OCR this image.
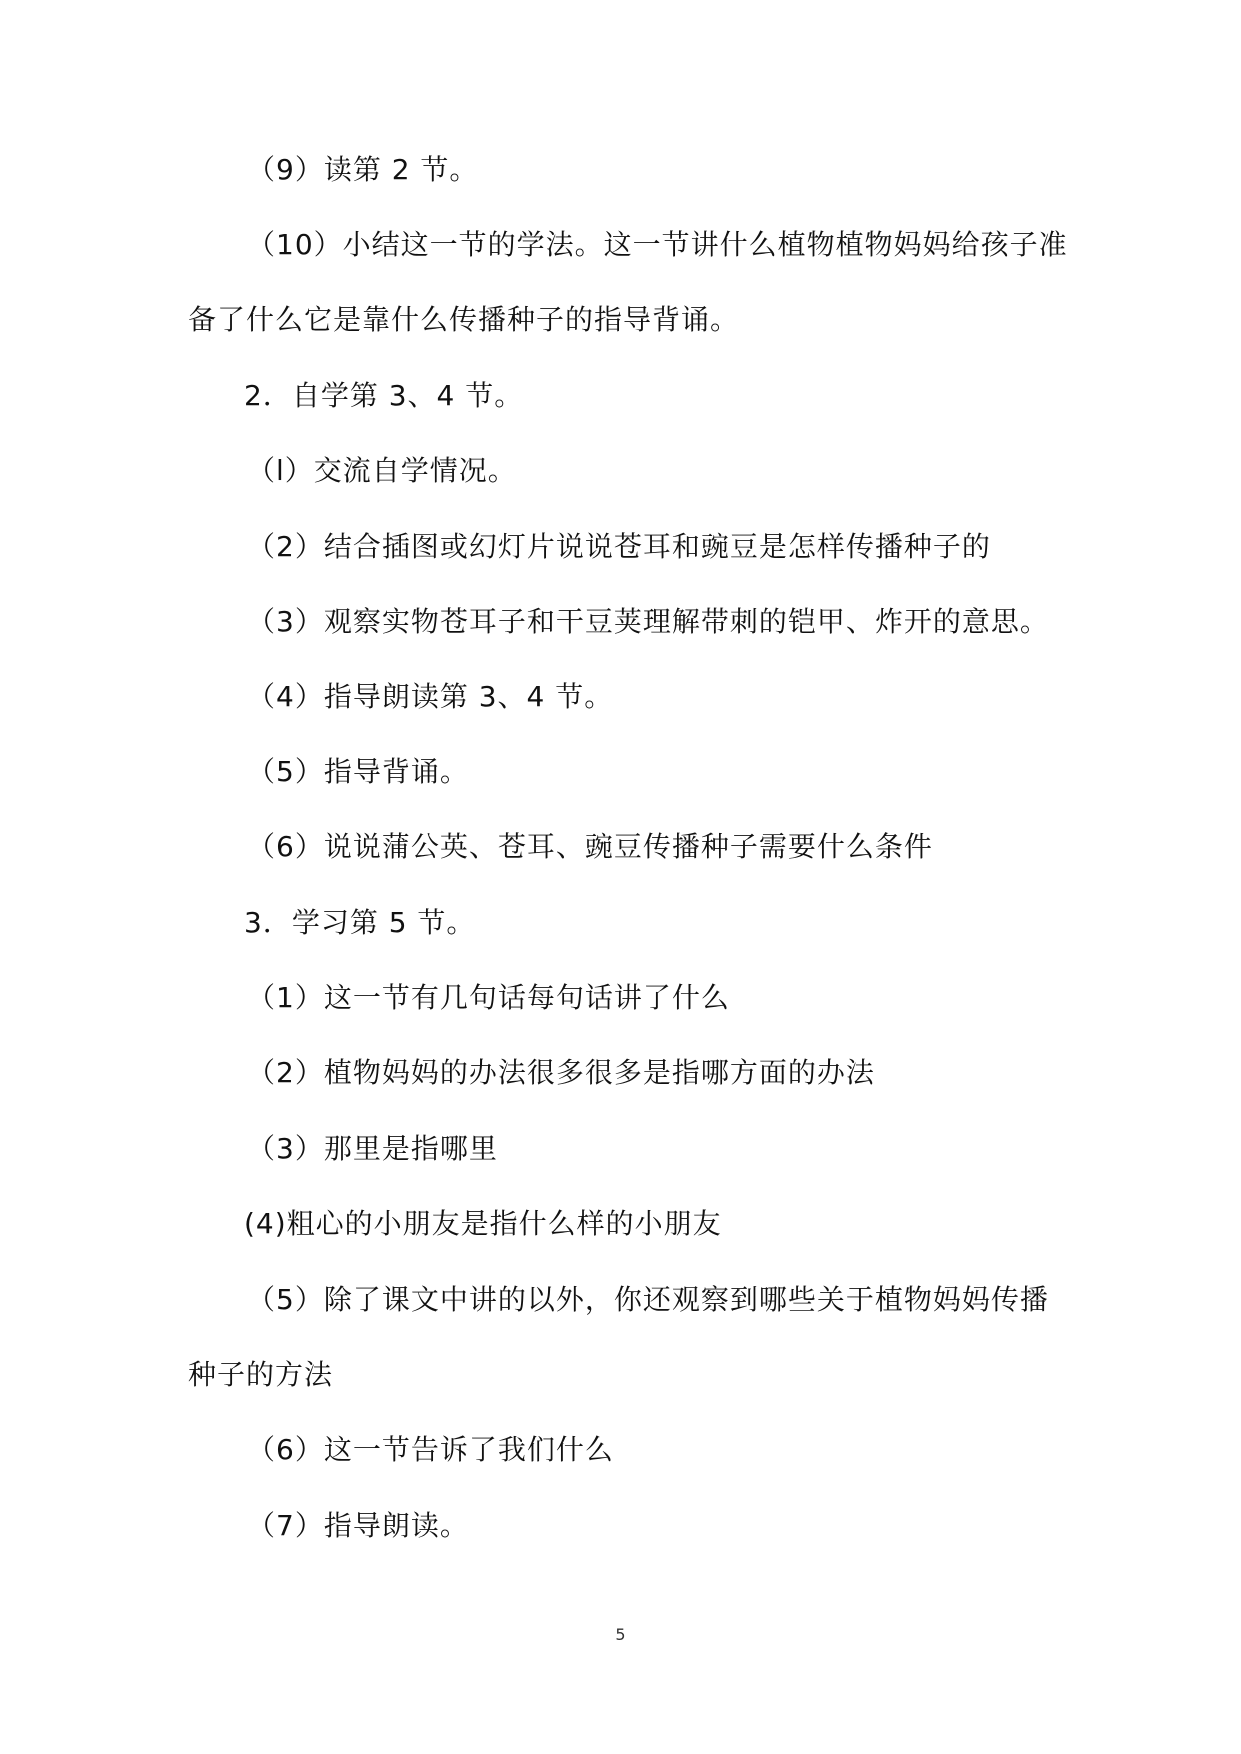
（9）读第 2 节。
（10）小结这一节的学法。这一节讲什么植物植物妈妈给孩子准
备了什么它是靠什么传播种子的指导背诵。
2．自学第 3、4 节。
（l）交流自学情况。
（2）结合插图或幻灯片说说苍耳和豌豆是怎样传播种子的
（3）观察实物苍耳子和干豆荚理解带刺的铠甲、炸开的意思。
（4）指导朗读第 3、4 节。
（5）指导背诵。
（6）说说蒲公英、苍耳、豌豆传播种子需要什么条件
3．学习第 5 节。
（1）这一节有几句话每句话讲了什么
（2）植物妈妈的办法很多很多是指哪方面的办法
（3）那里是指哪里
(4)粗心的小朋友是指什么样的小朋友
（5）除了课文中讲的以外，你还观察到哪些关于植物妈妈传播
种子的方法
（6）这一节告诉了我们什么
（7）指导朗读。
5
